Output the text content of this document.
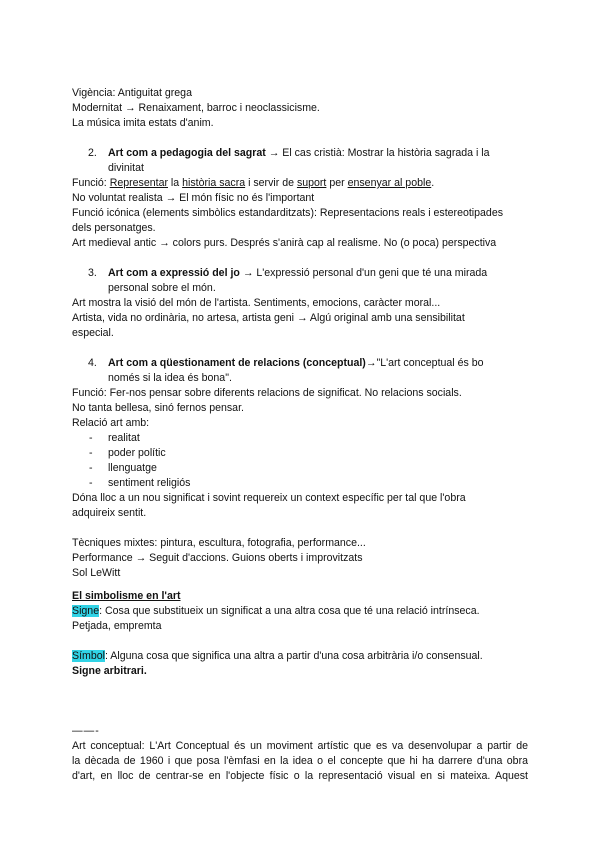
Vigència: Antiguitat grega
Modernitat → Renaixament, barroc i neoclassicisme.
La música imita estats d'anim.
2. Art com a pedagogia del sagrat → El cas cristià: Mostrar la història sagrada i la
divinitat
Funció: Representar la història sacra i servir de suport per ensenyar al poble.
No voluntat realista → El món físic no és l'important
Funció icónica (elements simbòlics estandarditzats): Representacions reals i estereotipades
dels personatges.
Art medieval antic → colors purs. Després s'anirà cap al realisme. No (o poca) perspectiva
3. Art com a expressió del jo → L'expressió personal d'un geni que té una mirada
personal sobre el món.
Art mostra la visió del món de l'artista. Sentiments, emocions, caràcter moral...
Artista, vida no ordinària, no artesa, artista geni → Algú original amb una sensibilitat
especial.
4. Art com a qüestionament de relacions (conceptual)→"L'art conceptual és bo
només si la idea és bona".
Funció: Fer-nos pensar sobre diferents relacions de significat. No relacions socials.
No tanta bellesa, sinó fernos pensar.
Relació art amb:
- realitat
- poder polític
- llenguatge
- sentiment religiós
Dóna lloc a un nou significat i sovint requereix un context específic per tal que l'obra
adquireix sentit.
Tècniques mixtes: pintura, escultura, fotografia, performance...
Performance → Seguit d'accions. Guions oberts i improvitzats
Sol LeWitt
El simbolisme en l'art
Signe: Cosa que substitueix un significat a una altra cosa que té una relació intrínseca.
Petjada, empremta
Símbol: Alguna cosa que significa una altra a partir d'una cosa arbitrària i/o consensual.
Signe arbitrari.
——-
Art conceptual: L'Art Conceptual és un moviment artístic que es va desenvolupar a partir de
la dècada de 1960 i que posa l'èmfasi en la idea o el concepte que hi ha darrere d'una obra
d'art, en lloc de centrar-se en l'objecte físic o la representació visual en si mateixa. Aquest
